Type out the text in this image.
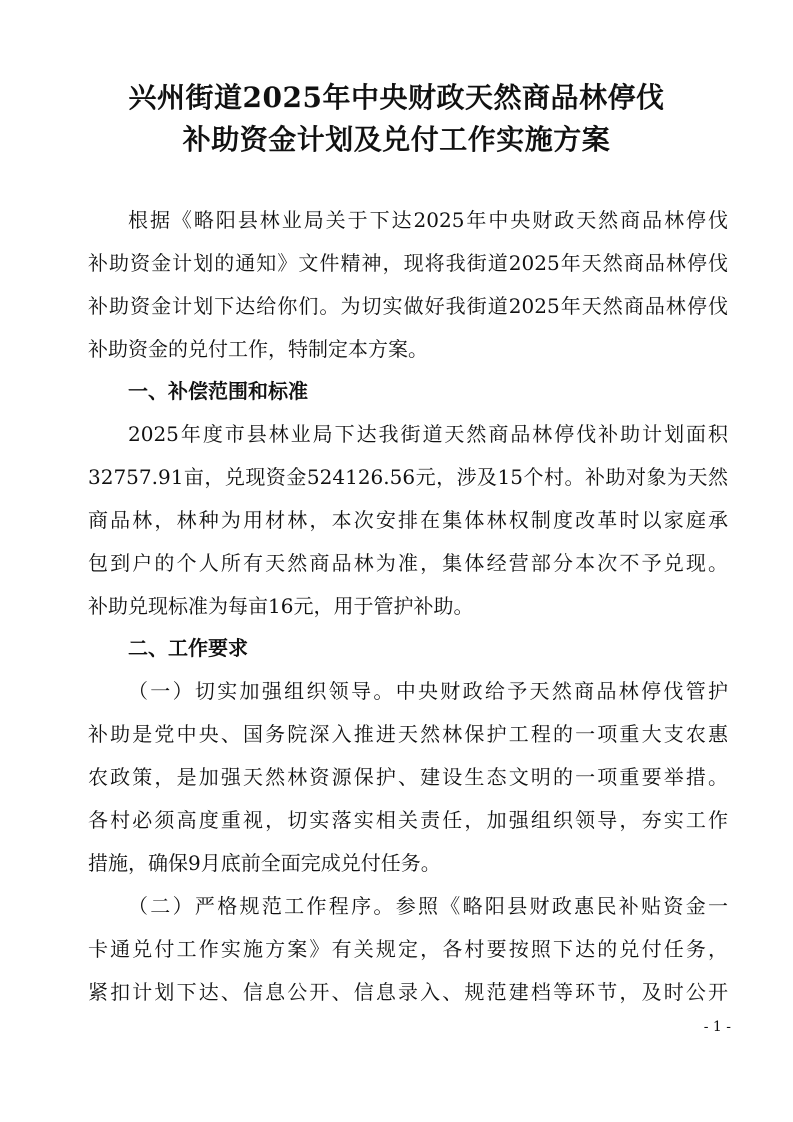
兴州街道2025年中央财政天然商品林停伐
补助资金计划及兑付工作实施方案
根据《略阳县林业局关于下达2025年中央财政天然商品林停伐
补助资金计划的通知》文件精神，现将我街道2025年天然商品林停伐
补助资金计划下达给你们。为切实做好我街道2025年天然商品林停伐
补助资金的兑付工作，特制定本方案。
一、补偿范围和标准
2025年度市县林业局下达我街道天然商品林停伐补助计划面积
32757.91亩，兑现资金524126.56元，涉及15个村。补助对象为天然
商品林，林种为用材林，本次安排在集体林权制度改革时以家庭承
包到户的个人所有天然商品林为准，集体经营部分本次不予兑现。
补助兑现标准为每亩16元，用于管护补助。
二、工作要求
（一）切实加强组织领导。中央财政给予天然商品林停伐管护
补助是党中央、国务院深入推进天然林保护工程的一项重大支农惠
农政策，是加强天然林资源保护、建设生态文明的一项重要举措。
各村必须高度重视，切实落实相关责任，加强组织领导，夯实工作
措施，确保9月底前全面完成兑付任务。
（二）严格规范工作程序。参照《略阳县财政惠民补贴资金一
卡通兑付工作实施方案》有关规定，各村要按照下达的兑付任务，
紧扣计划下达、信息公开、信息录入、规范建档等环节，及时公开
- 1 -
